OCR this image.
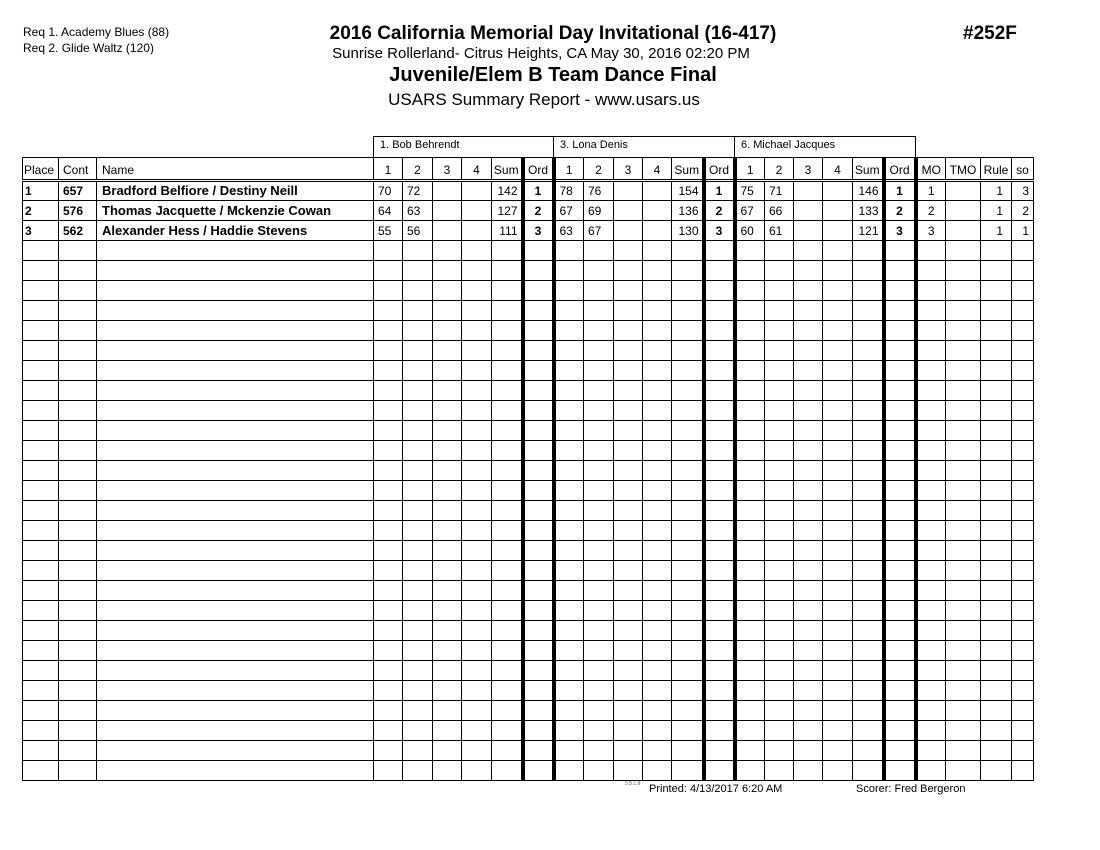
Req 1. Academy Blues (88)
Req 2. Glide Waltz (120)
2016 California Memorial Day Invitational (16-417)
Sunrise Rollerland- Citrus Heights, CA May 30, 2016 02:20 PM
Juvenile/Elem B Team Dance Final
USARS Summary Report - www.usars.us
#252F
1. Bob Behrendt	3. Lona Denis	6. Michael Jacques
Place	Cont	Name	1	2	3	4	Sum	Ord	1	2	3	4	Sum	Ord	1	2	3	4	Sum	Ord	MO	TMO	Rule	so
1	657	Bradford Belfiore / Destiny Neill	70	72			142	1	78	76			154	1	75	71			146	1	1		1	3
2	576	Thomas Jacquette / Mckenzie Cowan	64	63			127	2	67	69			136	2	67	66			133	2	2		1	2
3	562	Alexander Hess / Haddie Stevens	55	56			111	3	63	67			130	3	60	61			121	3	3		1	1

3.8.1.8 Printed: 4/13/2017 6:20 AM	Scorer: Fred Bergeron
